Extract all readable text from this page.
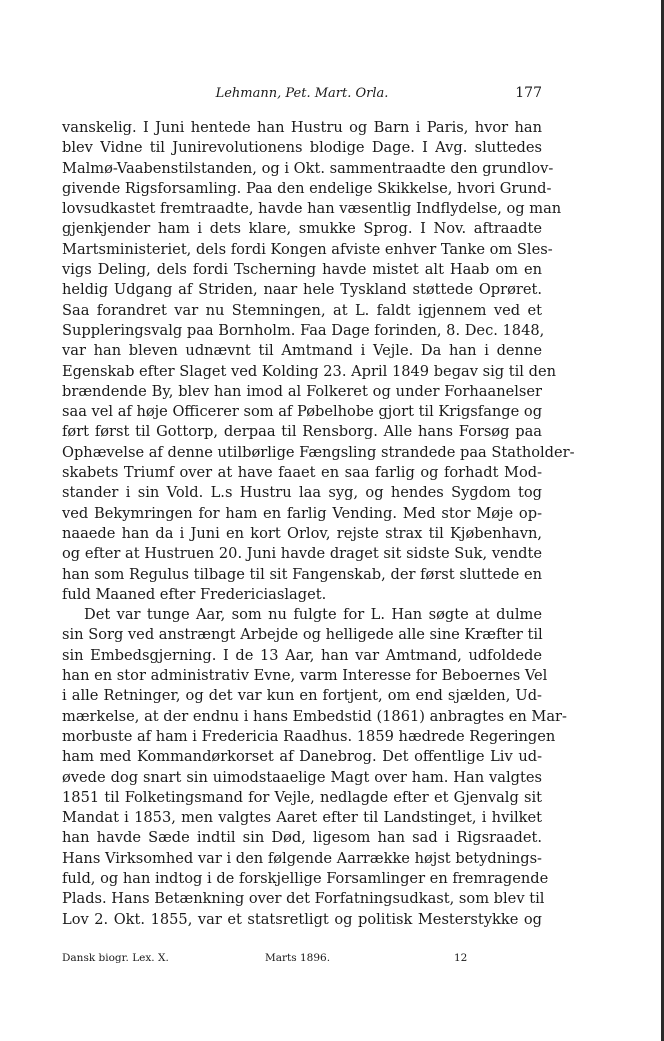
Lehmann, Pet. Mart. Orla.	177
vanskelig. I Juni hentede han Hustru og Barn i Paris, hvor han
blev Vidne til Junirevolutionens blodige Dage. I Avg. sluttedes
Malmø-Vaabenstilstanden, og i Okt. sammentraadte den grundlov-
givende Rigsforsamling. Paa den endelige Skikkelse, hvori Grund-
lovsudkastet fremtraadte, havde han væsentlig Indflydelse, og man
gjenkjender ham i dets klare, smukke Sprog. I Nov. aftraadte
Martsministeriet, dels fordi Kongen afviste enhver Tanke om Sles-
vigs Deling, dels fordi Tscherning havde mistet alt Haab om en
heldig Udgang af Striden, naar hele Tyskland støttede Oprøret.
Saa forandret var nu Stemningen, at L. faldt igjennem ved et
Suppleringsvalg paa Bornholm. Faa Dage forinden, 8. Dec. 1848,
var han bleven udnævnt til Amtmand i Vejle. Da han i denne
Egenskab efter Slaget ved Kolding 23. April 1849 begav sig til den
brændende By, blev han imod al Folkeret og under Forhaanelser
saa vel af høje Officerer som af Pøbelhobe gjort til Krigsfange og
ført først til Gottorp, derpaa til Rensborg. Alle hans Forsøg paa
Ophævelse af denne utilbørlige Fængsling strandede paa Statholder-
skabets Triumf over at have faaet en saa farlig og forhadt Mod-
stander i sin Vold. L.s Hustru laa syg, og hendes Sygdom tog
ved Bekymringen for ham en farlig Vending. Med stor Møje op-
naaede han da i Juni en kort Orlov, rejste strax til Kjøbenhavn,
og efter at Hustruen 20. Juni havde draget sit sidste Suk, vendte
han som Regulus tilbage til sit Fangenskab, der først sluttede en
fuld Maaned efter Fredericiaslaget.
Det var tunge Aar, som nu fulgte for L. Han søgte at dulme
sin Sorg ved anstrængt Arbejde og helligede alle sine Kræfter til
sin Embedsgjerning. I de 13 Aar, han var Amtmand, udfoldede
han en stor administrativ Evne, varm Interesse for Beboernes Vel
i alle Retninger, og det var kun en fortjent, om end sjælden, Ud-
mærkelse, at der endnu i hans Embedstid (1861) anbragtes en Mar-
morbuste af ham i Fredericia Raadhus. 1859 hædrede Regeringen
ham med Kommandørkorset af Danebrog. Det offentlige Liv ud-
øvede dog snart sin uimodstaaelige Magt over ham. Han valgtes
1851 til Folketingsmand for Vejle, nedlagde efter et Gjenvalg sit
Mandat i 1853, men valgtes Aaret efter til Landstinget, i hvilket
han havde Sæde indtil sin Død, ligesom han sad i Rigsraadet.
Hans Virksomhed var i den følgende Aarrække højst betydnings-
fuld, og han indtog i de forskjellige Forsamlinger en fremragende
Plads. Hans Betænkning over det Forfatningsudkast, som blev til
Lov 2. Okt. 1855, var et statsretligt og politisk Mesterstykke og
Dansk biogr. Lex. X.	Marts 1896.	12
